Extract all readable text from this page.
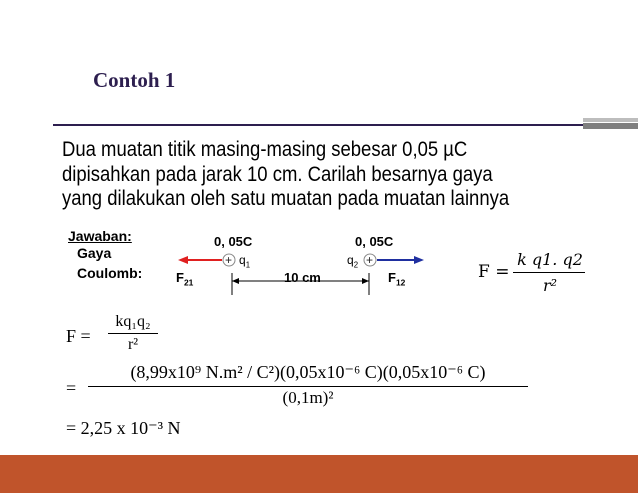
Contoh 1
Dua muatan titik masing-masing sebesar 0,05 µC
dipisahkan pada jarak 10 cm. Carilah besarnya gaya
yang dilakukan oleh satu muatan pada muatan lainnya
Jawaban:
Gaya
Coulomb:
0, 05C	0, 05C
+	+
$q_1$	$q_2$
$F_{21}$	$F_{12}$
10 cm	F =
k q1. q2
r²
F =
kq₁q₂
r²
=
(8,99x10⁹ N.m² / C²)(0,05x10⁻⁶ C)(0,05x10⁻⁶ C)
(0,1m)²
= 2,25 x 10⁻³ N
